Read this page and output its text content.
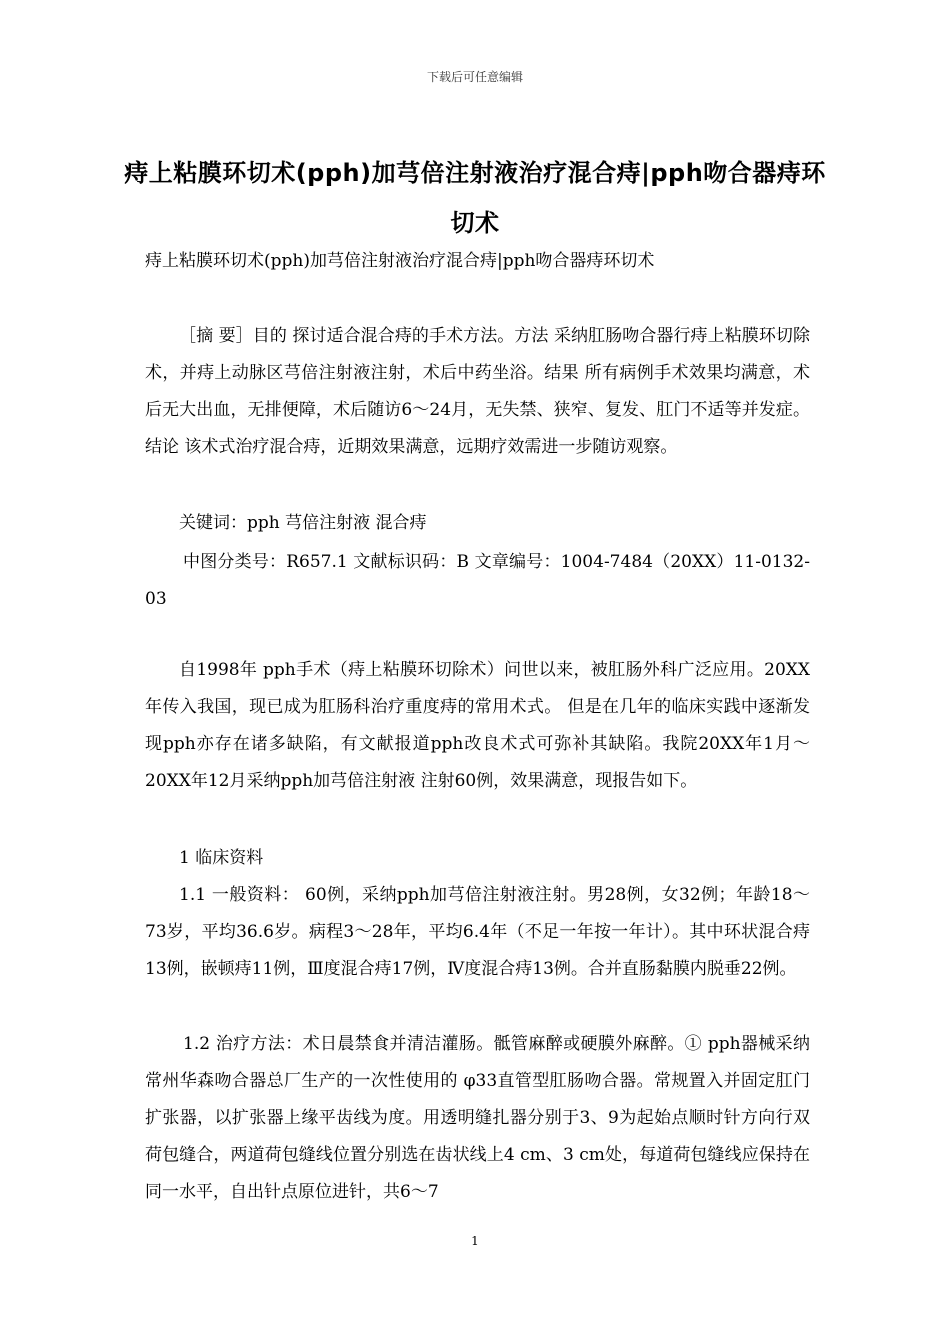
下载后可任意编辑
痔上粘膜环切术(pph)加芎倍注射液治疗混合痔|pph吻合器痔环切术
痔上粘膜环切术(pph)加芎倍注射液治疗混合痔|pph吻合器痔环切术
［摘 要］目的 探讨适合混合痔的手术方法。方法 采纳肛肠吻合器行痔上粘膜环切除术，并痔上动脉区芎倍注射液注射，术后中药坐浴。结果 所有病例手术效果均满意，术后无大出血，无排便障，术后随访6～24月，无失禁、狭窄、复发、肛门不适等并发症。结论 该术式治疗混合痔，近期效果满意，远期疗效需进一步随访观察。
关键词：pph 芎倍注射液 混合痔
中图分类号：R657.1 文献标识码：B 文章编号：1004-7484（20XX）11-0132-03
自1998年 pph手术（痔上粘膜环切除术）问世以来，被肛肠外科广泛应用。20XX年传入我国，现已成为肛肠科治疗重度痔的常用术式。 但是在几年的临床实践中逐渐发现pph亦存在诸多缺陷，有文献报道pph改良术式可弥补其缺陷。我院20XX年1月～20XX年12月采纳pph加芎倍注射液 注射60例，效果满意，现报告如下。
1 临床资料
1.1 一般资料： 60例，采纳pph加芎倍注射液注射。男28例，女32例；年龄18～73岁，平均36.6岁。病程3～28年，平均6.4年（不足一年按一年计）。其中环状混合痔13例，嵌顿痔11例，Ⅲ度混合痔17例，Ⅳ度混合痔13例。合并直肠黏膜内脱垂22例。
1.2 治疗方法：术日晨禁食并清洁灌肠。骶管麻醉或硬膜外麻醉。① pph器械采纳常州华森吻合器总厂生产的一次性使用的 φ33直管型肛肠吻合器。常规置入并固定肛门扩张器，以扩张器上缘平齿线为度。用透明缝扎器分别于3、9为起始点顺时针方向行双荷包缝合，两道荷包缝线位置分别选在齿状线上4 cm、3 cm处，每道荷包缝线应保持在同一水平，自出针点原位进针，共6～7
1
